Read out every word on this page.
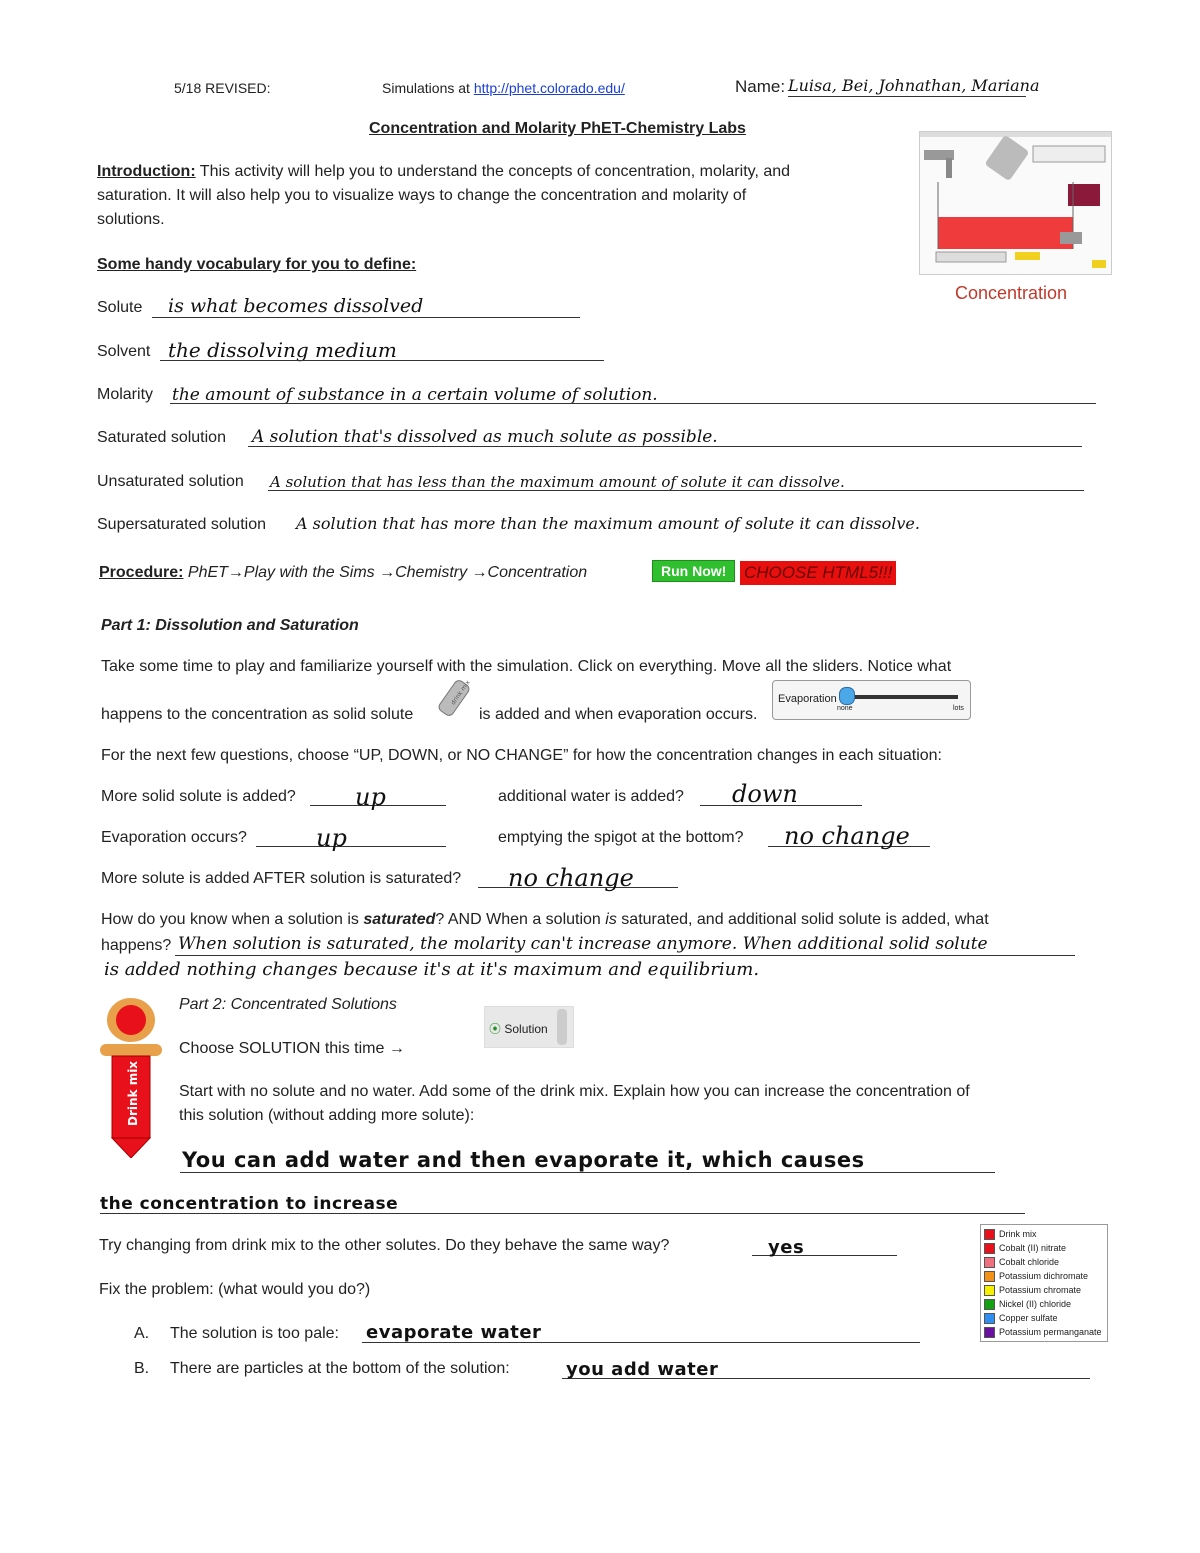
5/18 REVISED:	Simulations at http://phet.colorado.edu/	Name: Luisa, Bei, Johnathan, Mariana
Concentration and Molarity PhET-Chemistry Labs
Introduction: This activity will help you to understand the concepts of concentration, molarity, and
saturation. It will also help you to visualize ways to change the concentration and molarity of
solutions.
Concentration
Some handy vocabulary for you to define:
Solute is what becomes dissolved
Solvent the dissolving medium
Molarity the amount of substance in a certain volume of solution.
Saturated solution A solution that's dissolved as much solute as possible.
Unsaturated solution A solution that has less than the maximum amount of solute it can dissolve.
Supersaturated solution A solution that has more than the maximum amount of solute it can dissolve.
Procedure: PhET→Play with the Sims →Chemistry →Concentration	Run Now!	CHOOSE HTML5!!!
Part 1: Dissolution and Saturation
Take some time to play and familiarize yourself with the simulation. Click on everything. Move all the sliders. Notice what
happens to the concentration as solid solute
drink mix
is added and when evaporation occurs.
Evaporation
none	lots
For the next few questions, choose “UP, DOWN, or NO CHANGE” for how the concentration changes in each situation:
More solid solute is added? up	additional water is added? down
Evaporation occurs?	up	emptying the spigot at the bottom? no change
More solute is added AFTER solution is saturated? no change
How do you know when a solution is saturated? AND When a solution is saturated, and additional solid solute is added, what
happens? When solution is saturated, the molarity can't increase anymore. When additional solid solute
is added nothing changes because it's at it's maximum and equilibrium.
Drink mix
Part 2: Concentrated Solutions
Choose SOLUTION this time →
⦿ Solution
Start with no solute and no water. Add some of the drink mix. Explain how you can increase the concentration of
this solution (without adding more solute):
You can add water and then evaporate it, which causes
the concentration to increase
Try changing from drink mix to the other solutes. Do they behave the same way?	yes
Fix the problem: (what would you do?)
A. The solution is too pale: evaporate water
B. There are particles at the bottom of the solution:	you add water
Drink mix
Cobalt (II) nitrate
Cobalt chloride
Potassium dichromate
Potassium chromate
Nickel (II) chloride
Copper sulfate
Potassium permanganate
